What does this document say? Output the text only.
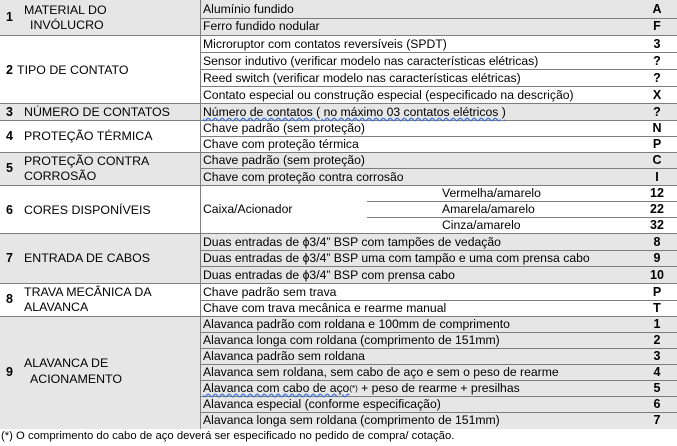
1 MATERIAL DO
INVÓLUCRO
Alumínio fundido	A
Ferro fundido nodular	F
2 TIPO DE CONTATO
Microruptor com contatos reversíveis (SPDT)	3
Sensor indutivo (verificar modelo nas características elétricas)	?
Reed switch (verificar modelo nas características elétricas)	?
Contato especial ou construção especial (especificado na descrição)	X
3 NÚMERO DE CONTATOS	Número de contatos ( no máximo 03 contatos elétricos )	?
4 PROTEÇÃO TÉRMICA
Chave padrão (sem proteção)	N
Chave com proteção térmica	P
5 PROTEÇÃO CONTRA
CORROSÃO
Chave padrão (sem proteção)	C
Chave com proteção contra corrosão	I
6 CORES DISPONÍVEIS	Caixa/Acionador
Vermelha/amarelo	12
Amarela/amarelo	22
Cinza/amarelo	32
7 ENTRADA DE CABOS
Duas entradas de ϕ3/4” BSP com tampões de vedação	8
Duas entradas de ϕ3/4” BSP uma com tampão e uma com prensa cabo	9
Duas entradas de ϕ3/4” BSP com prensa cabo	10
8 TRAVA MECÂNICA DA
ALAVANCA
Chave padrão sem trava	P
Chave com trava mecânica e rearme manual	T
9
ALAVANCA DE
ACIONAMENTO
Alavanca padrão com roldana e 100mm de comprimento	1
Alavanca longa com roldana (comprimento de 151mm)	2
Alavanca padrão sem roldana	3
Alavanca sem roldana, sem cabo de aço e sem o peso de rearme	4
Alavanca com cabo de aço(*) + peso de rearme + presilhas	5
Alavanca especial (conforme especificação)	6
Alavanca longa sem roldana (comprimento de 151mm)	7
(*) O comprimento do cabo de aço deverá ser especificado no pedido de compra/ cotação.
